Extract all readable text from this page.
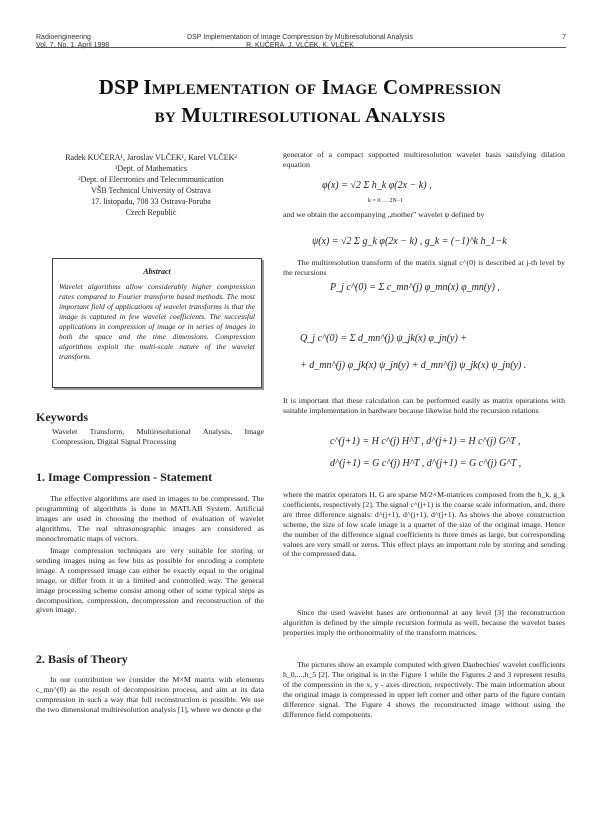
Radioengineering
Vol. 7, No. 1, April 1998
DSP Implementation of Image Compression by Multiresolutional Analysis
R. KUČERA, J. VLČEK, K. VLČEK
7
DSP Implementation of Image Compression
by Multiresolutional Analysis
Radek KUČERA¹, Jaroslav VLČEK¹, Karel VLČEK²
¹Dept. of Mathematics
²Dept. of Electronics and Telecommunication
VŠB Technical University of Ostrava
17. listopadu, 708 33 Ostrava-Poruba
Czech Republic
Abstract
Wavelet algorithms allow considerably higher compression rates compared to Fourier transform based methods. The most important field of applications of wavelet transforms is that the image is captured in few wavelet coefficients. The successful applications in compression of image or in series of images in both the space and the time dimensions. Compression algorithms exploit the multi-scale nature of the wavelet transform.
Keywords
Wavelet Transform, Multiresolutional Analysis, Image Compression, Digital Signal Processing
1. Image Compression - Statement
The effective algorithms are used in images to be compressed. The programming of algorithms is done in MATLAB System. Artificial images are used in choosing the method of evaluation of wavelet algorithms. The real ultrasonographic images are considered as monochromatic maps of vectors.
Image compression techniques are very suitable for storing or sending images using as few bits as possible for encoding a complete image. A compressed image can either be exactly equal to the original image, or differ from it in a limited and controlled way. The general image processing scheme consist among other of some typical steps as decomposition, compression, decompression and reconstruction of the given image.
2. Basis of Theory
In our contribution we consider the M×M matrix with elements c_mn^(0) as the result of decomposition process, and aim at its data compression in such a way that full reconstruction is possible. We use the two dimensional multiresolution analysis [1], where we denote φ the
generator of a compact supported multiresolution wavelet basis satisfying dilation equation
φ(x) = √2 Σ h_k φ(2x − k) ,
k = 0 … 2N−1
and we obtain the accompanying „mother" wavelet ψ defined by
ψ(x) = √2 Σ g_k φ(2x − k) , g_k = (−1)^k h_1−k
The multiresolution transform of the matrix signal c^(0) is described at j-th level by the recursions
P_j c^(0) = Σ c_mn^(j) φ_mn(x) φ_mn(y) ,
Q_j c^(0) = Σ d_mn^(j) ψ_jk(x) φ_jn(y) +
+ d_mn^(j) φ_jk(x) ψ_jn(y) + d_mn^(j) ψ_jk(x) ψ_jn(y) .
It is important that these calculation can be performed easily as matrix operations with suitable implementation in hardware because likewise hold the recursion relations
c^(j+1) = H c^(j) H^T , d^(j+1) = H c^(j) G^T ,
d^(j+1) = G c^(j) H^T , d^(j+1) = G c^(j) G^T ,
where the matrix operators H, G are sparse M/2×M-matrices composed from the h_k, g_k coefficients, respectively [2]. The signal c^(j+1) is the coarse scale information, and, there are three difference signals: d^(j+1), d^(j+1), d^(j+1). As shows the above construction scheme, the size of low scale image is a quarter of the size of the original image. Hence the number of the difference signal coefficients is three times as large, but corresponding values are very small or zeros. This effect plays an important role by storing and sending of the compressed data.
Since the used wavelet bases are orthonormal at any level [3] the reconstruction algorithm is defined by the simple recursion formula as well, because the wavelet bases properties imply the orthonormality of the transform matrices.
The pictures show an example computed with given Daubechies' wavelet coefficients h_0,...,h_5 [2]. The original is in the Figure 1 while the Figures 2 and 3 represent results of the compression in the x, y - axes direction, respectively. The main information about the original image is compressed in upper left corner and other parts of the figure contain difference signal. The Figure 4 shows the reconstructed image without using the difference field components.
